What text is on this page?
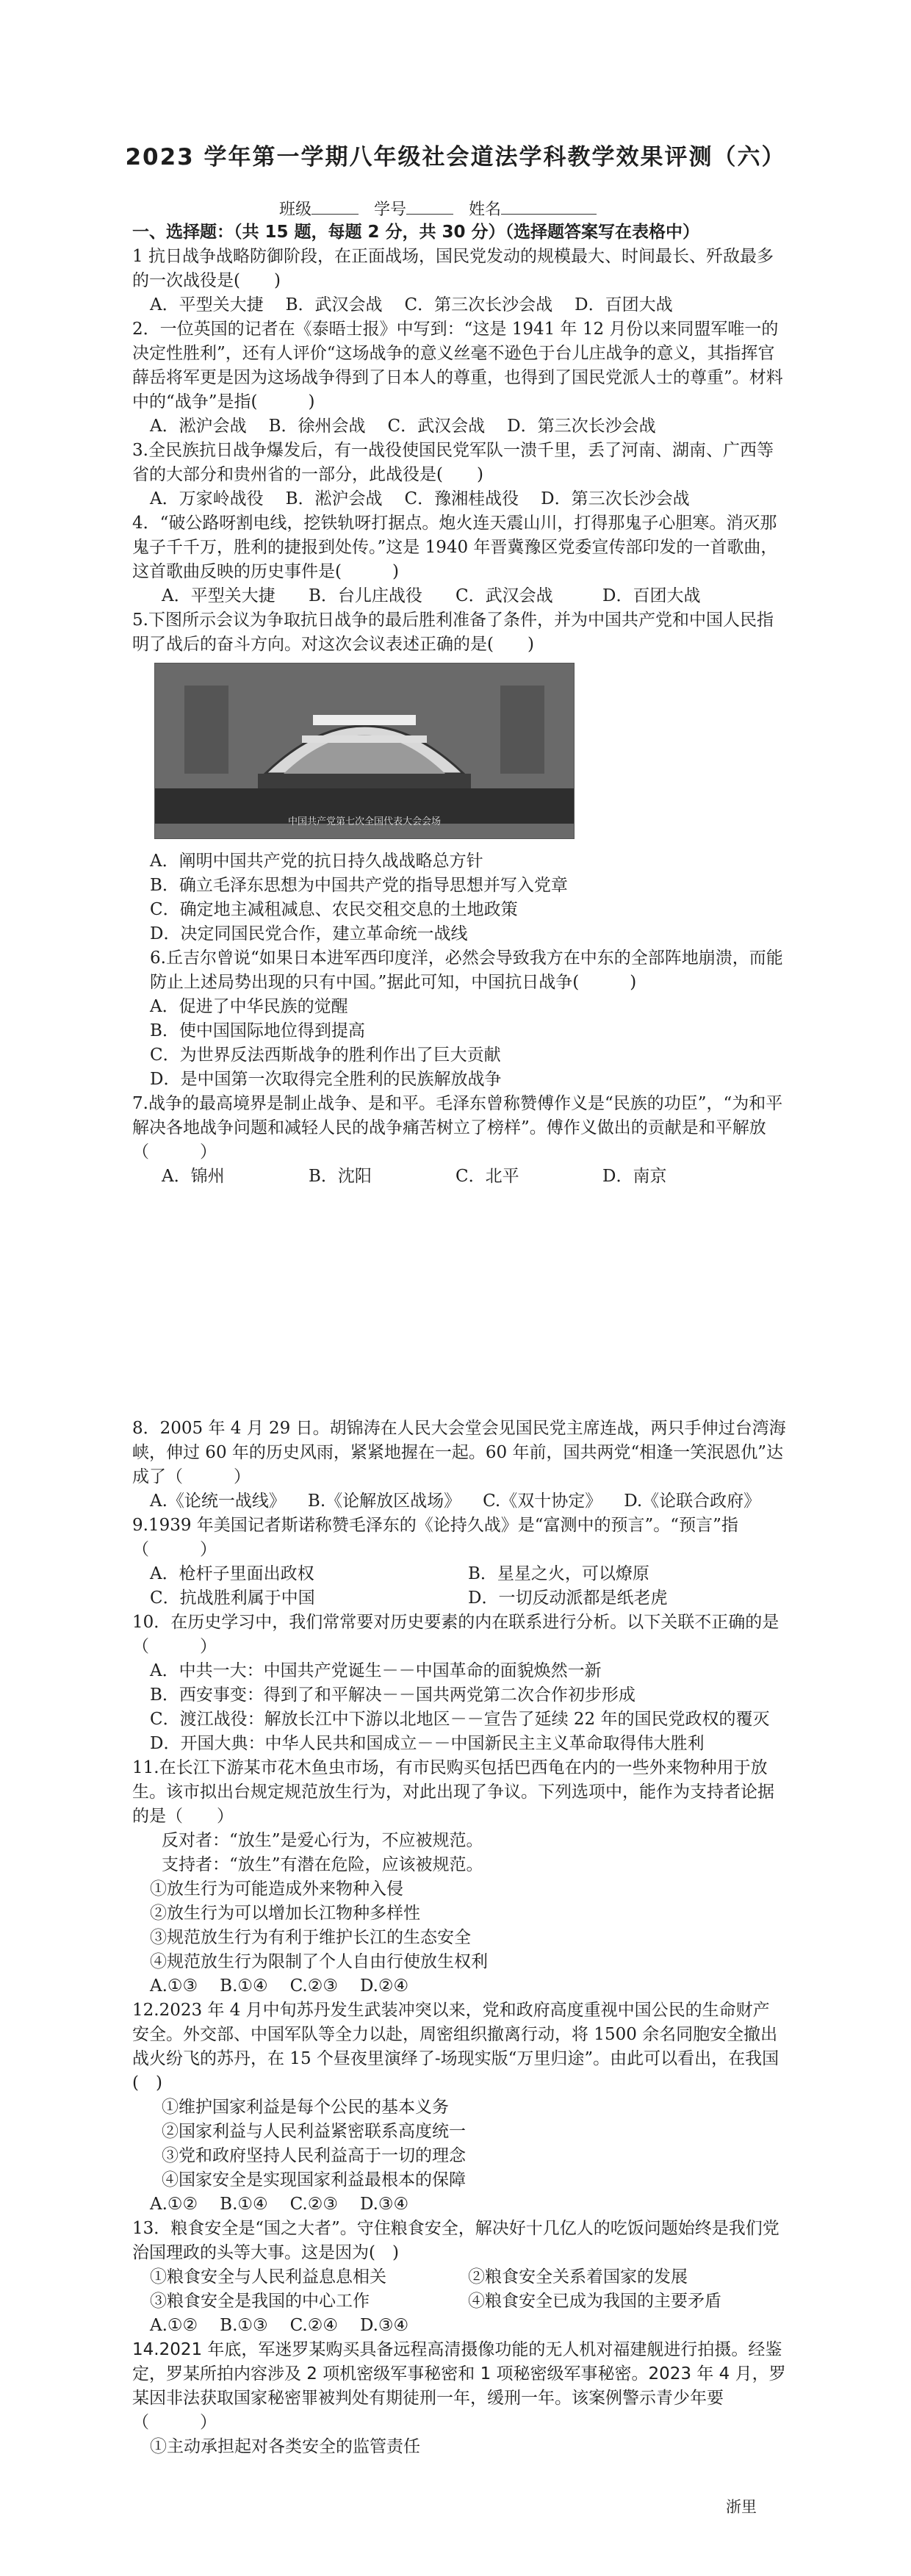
2023 学年第一学期八年级社会道法学科教学效果评测（六）
班级	学号	姓名
一、选择题：（共 15 题，每题 2 分，共 30 分）（选择题答案写在表格中）

1 抗日战争战略防御阶段，在正面战场，国民党发动的规模最大、时间最长、歼敌最多的一次战役是(　　)

A．平型关大捷 B．武汉会战 C．第三次长沙会战 D．百团大战

2．一位英国的记者在《泰晤士报》中写到：“这是 1941 年 12 月份以来同盟军唯一的决定性胜利”，还有人评价“这场战争的意义丝毫不逊色于台儿庄战争的意义，其指挥官薛岳将军更是因为这场战争得到了日本人的尊重，也得到了国民党派人士的尊重”。材料中的“战争”是指(　　　)

A．淞沪会战 B．徐州会战 C．武汉会战 D．第三次长沙会战

3.全民族抗日战争爆发后，有一战役使国民党军队一溃千里，丢了河南、湖南、广西等省的大部分和贵州省的一部分，此战役是(　　)

A．万家岭战役 B．淞沪会战 C．豫湘桂战役 D．第三次长沙会战

4．“破公路呀割电线，挖铁轨呀打据点。炮火连天震山川，打得那鬼子心胆寒。消灭那鬼子千千万，胜利的捷报到处传。”这是 1940 年晋冀豫区党委宣传部印发的一首歌曲，这首歌曲反映的历史事件是(　　　)

A．平型关大捷	B．台儿庄战役	C．武汉会战	D．百团大战

5.下图所示会议为争取抗日战争的最后胜利准备了条件，并为中国共产党和中国人民指明了战后的奋斗方向。对这次会议表述正确的是(　　)

中国共产党第七次全国代表大会会场

A．阐明中国共产党的抗日持久战战略总方针

B．确立毛泽东思想为中国共产党的指导思想并写入党章

C．确定地主减租减息、农民交租交息的土地政策

D．决定同国民党合作，建立革命统一战线

6.丘吉尔曾说“如果日本进军西印度洋，必然会导致我方在中东的全部阵地崩溃，而能防止上述局势出现的只有中国。”据此可知，中国抗日战争(　　　)

A．促进了中华民族的觉醒

B．使中国国际地位得到提高

C．为世界反法西斯战争的胜利作出了巨大贡献

D．是中国第一次取得完全胜利的民族解放战争

7.战争的最高境界是制止战争、是和平。毛泽东曾称赞傅作义是“民族的功臣”，“为和平解决各地战争问题和减轻人民的战争痛苦树立了榜样”。傅作义做出的贡献是和平解放（　　　）

A．锦州	B．沈阳	C．北平	D．南京

8．2005 年 4 月 29 日。胡锦涛在人民大会堂会见国民党主席连战，两只手伸过台湾海峡，伸过 60 年的历史风雨，紧紧地握在一起。60 年前，国共两党“相逢一笑泯恩仇”达成了（　　　）

A.《论统一战线》 B.《论解放区战场》 C.《双十协定》 D.《论联合政府》

9.1939 年美国记者斯诺称赞毛泽东的《论持久战》是“富测中的预言”。“预言”指（　　　）

A．枪杆子里面出政权	B．星星之火，可以燎原
C．抗战胜利属于中国	D．一切反动派都是纸老虎

10．在历史学习中，我们常常要对历史要素的内在联系进行分析。以下关联不正确的是（　　　）

A．中共一大：中国共产党诞生－－中国革命的面貌焕然一新

B．西安事变：得到了和平解决－－国共两党第二次合作初步形成

C．渡江战役：解放长江中下游以北地区－－宣告了延续 22 年的国民党政权的覆灭

D．开国大典：中华人民共和国成立－－中国新民主主义革命取得伟大胜利

11.在长江下游某市花木鱼虫市场，有市民购买包括巴西龟在内的一些外来物种用于放生。该市拟出台规定规范放生行为，对此出现了争议。下列选项中，能作为支持者论据的是（　　）

反对者：“放生”是爱心行为，不应被规范。

支持者：“放生”有潜在危险，应该被规范。

①放生行为可能造成外来物种入侵

②放生行为可以增加长江物种多样性

③规范放生行为有利于维护长江的生态安全

④规范放生行为限制了个人自由行使放生权利

A.①③ B.①④ C.②③ D.②④

12.2023 年 4 月中旬苏丹发生武装冲突以来，党和政府高度重视中国公民的生命财产安全。外交部、中国军队等全力以赴，周密组织撤离行动，将 1500 余名同胞安全撤出战火纷飞的苏丹，在 15 个昼夜里演绎了-场现实版“万里归途”。由此可以看出，在我国(　)

①维护国家利益是每个公民的基本义务

②国家利益与人民利益紧密联系高度统一

③党和政府坚持人民利益高于一切的理念

④国家安全是实现国家利益最根本的保障

A.①② B.①④ C.②③ D.③④

13．粮食安全是“国之大者”。守住粮食安全，解决好十几亿人的吃饭问题始终是我们党治国理政的头等大事。这是因为(　)

①粮食安全与人民利益息息相关	②粮食安全关系着国家的发展
③粮食安全是我国的中心工作	④粮食安全已成为我国的主要矛盾
A.①② B.①③ C.②④ D.③④

14.2021 年底，军迷罗某购买具备远程高清摄像功能的无人机对福建舰进行拍摄。经鉴定，罗某所拍内容涉及 2 项机密级军事秘密和 1 项秘密级军事秘密。2023 年 4 月，罗某因非法获取国家秘密罪被判处有期徒刑一年，缓刑一年。该案例警示青少年要（　　　）

①主动承担起对各类安全的监管责任

浙里
